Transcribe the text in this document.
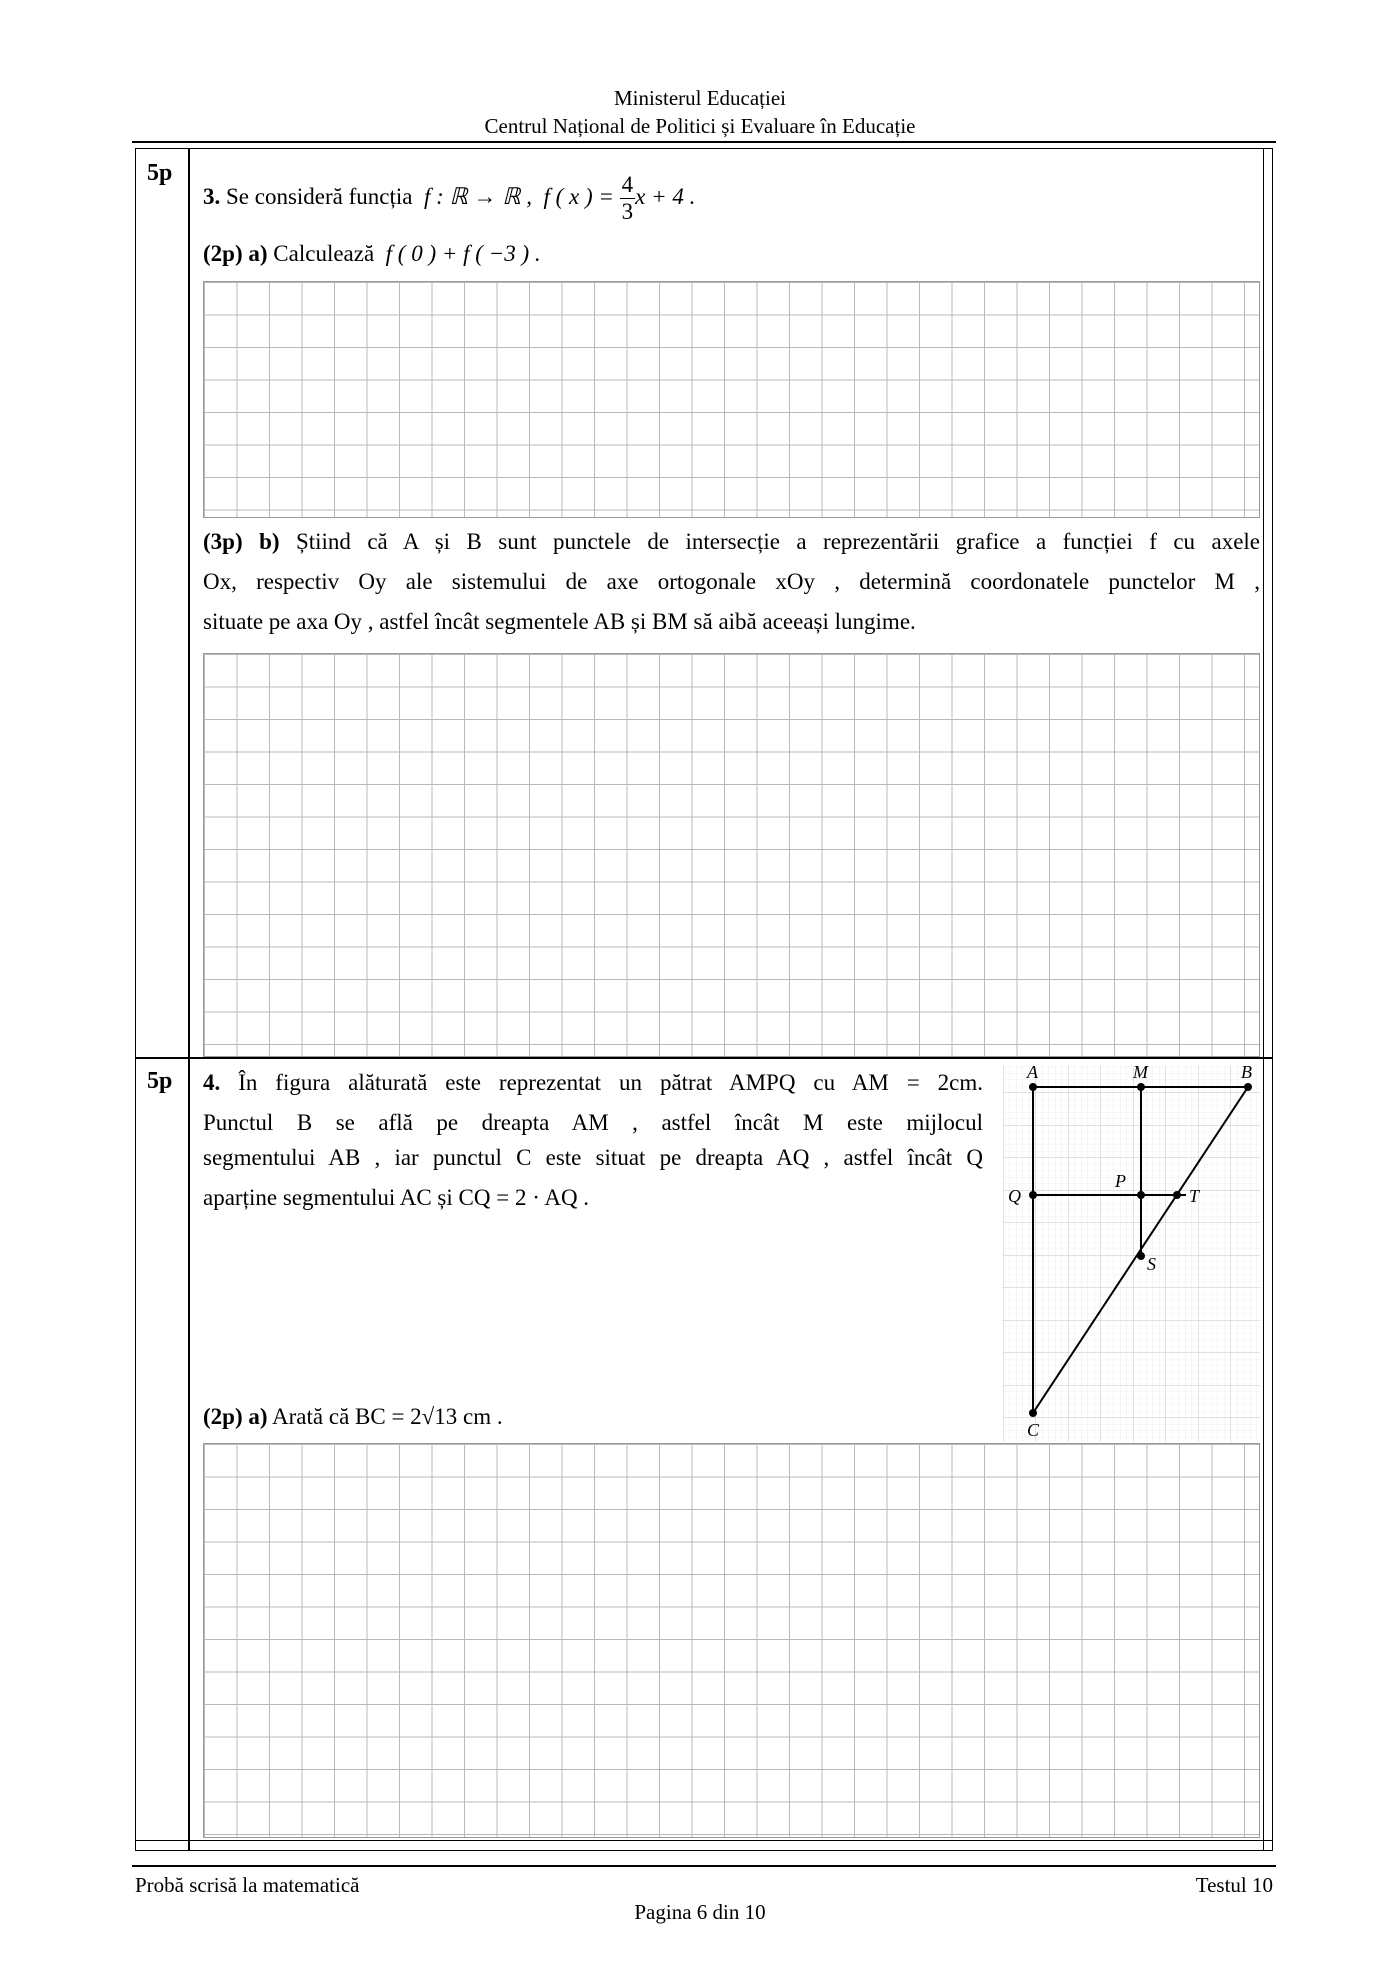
Ministerul Educației
Centrul Național de Politici și Evaluare în Educație
5p
3. Se consideră funcția f : ℝ → ℝ , f ( x ) = $\frac{4}{3}$ x + 4 .
(2p) a) Calculează f ( 0 ) + f ( −3 ) .
(3p) b) Știind că A și B sunt punctele de intersecție a reprezentării grafice a funcției f cu axele
Ox, respectiv Oy ale sistemului de axe ortogonale xOy , determină coordonatele punctelor M ,
situate pe axa Oy , astfel încât segmentele AB și BM să aibă aceeași lungime.
5p 4. În figura alăturată este reprezentat un pătrat AMPQ cu AM = 2cm.
Punctul B se află pe dreapta AM , astfel încât M este mijlocul
segmentului AB , iar punctul C este situat pe dreapta AQ , astfel încât Q
aparține segmentului AC și CQ = 2 · AQ .
A	M	B
P
Q	T
S
C
(2p) a) Arată că BC = 2√13 cm .
Probă scrisă la matematică	Testul 10
Pagina 6 din 10
